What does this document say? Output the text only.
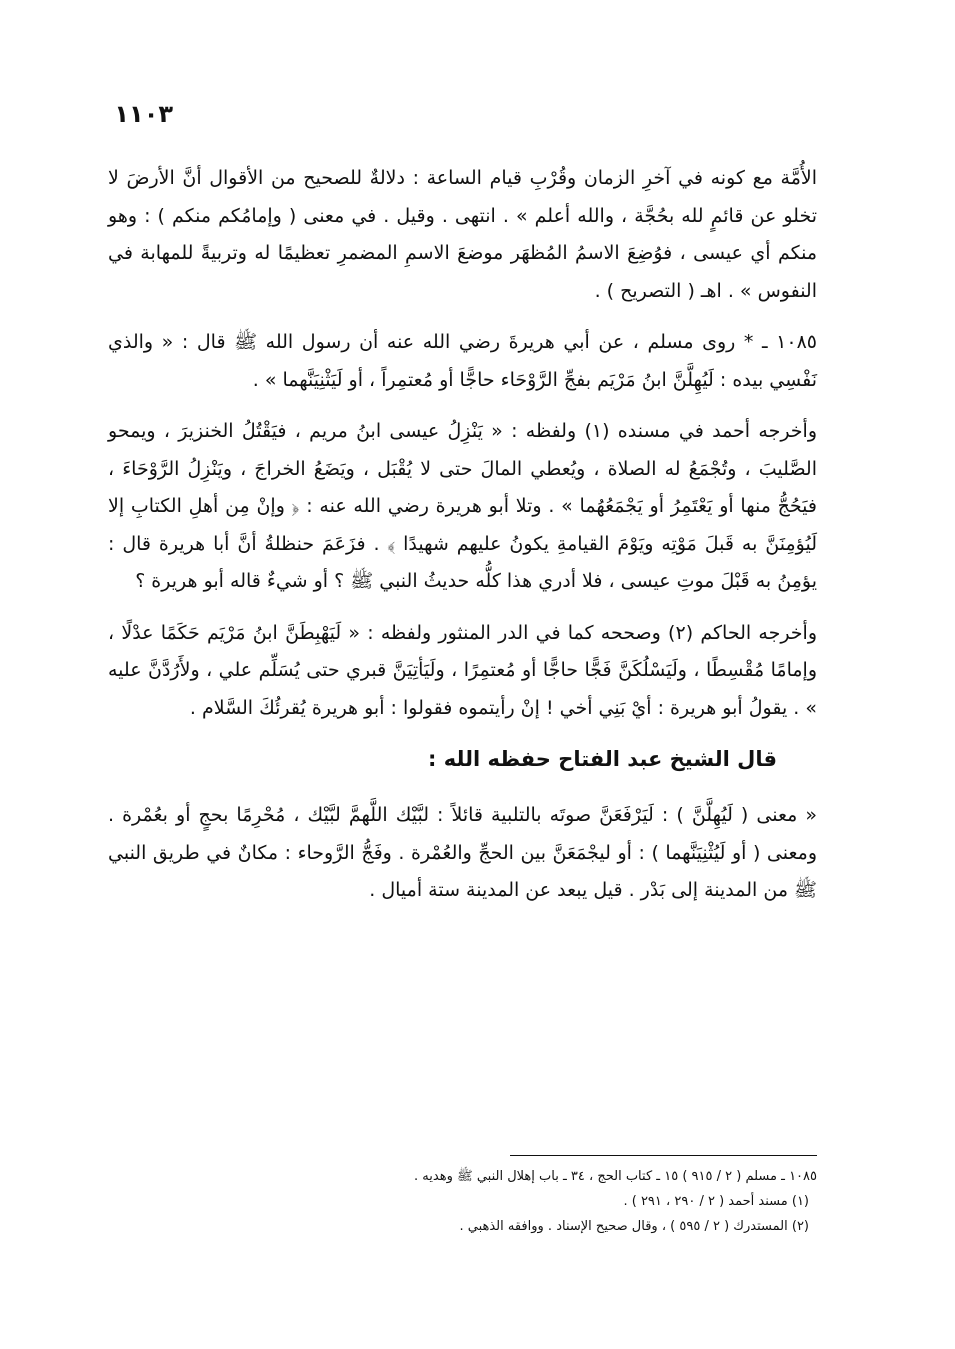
١١٠٣

الأُمَّة مع كونه في آخرِ الزمان وقُرْبِ قيام الساعة : دلالةٌ للصحيح من الأقوال أنَّ الأرضَ لا تخلو عن قائمٍ لله بحُجَّة ، والله أعلم » . انتهى . وقيل . في معنى ( وإمامُكم منكم ) : وهو منكم أي عيسى ، فوُضِعَ الاسمُ المُظهَر موضعَ الاسمِ المضمرِ تعظيمًا له وتربيةً للمهابة في النفوس » . اهـ ( التصريح ) .

١٠٨٥ ـ * روى مسلم ، عن أبي هريرةَ رضي الله عنه أن رسول الله ﷺ قال : « والذي نَفْسِي بيده : لَيُهِلَّنَّ ابنُ مَرْيَم بفجِّ الرَّوْحَاء حاجًّا أو مُعتمِراً ، أو لَيَثْنِيَنَّهما » .

وأخرجه أحمد في مسنده (١) ولفظه : « يَنْزِلُ عيسى ابنُ مريم ، فيَقْتُلُ الخنزيرَ ، ويمحو الصَّليبَ ، وتُجْمَعُ له الصلاة ، ويُعطي المالَ حتى لا يُقْبَل ، ويَضَعُ الخراجَ ، ويَنْزِلُ الرَّوْحَاءَ ، فيَحُجُّ منها أو يَعْتَمِرُ أو يَجْمَعُهُما » . وتلا أبو هريرة رضي الله عنه : ﴿ وإنْ مِن أهلِ الكتابِ إلا لَيُؤمِنَنَّ به قَبلَ مَوْتِه ويَوْمَ القيامةِ يكونُ عليهم شهيدًا ﴾ . فزَعَمَ حنظلةُ أنَّ أبا هريرة قال : يؤمِنُ به قَبْلَ موتِ عيسى ، فلا أدري هذا كلُّه حديثُ النبي ﷺ ؟ أو شيءٌ قاله أبو هريرة ؟

وأخرجه الحاكم (٢) وصححه كما في الدر المنثور ولفظه : « لَيَهْبِطَنَّ ابنُ مَرْيَم حَكَمًا عدْلًا ، وإمامًا مُقْسِطًا ، ولَيَسْلُكَنَّ فَجًّا حاجًّا أو مُعتمِرًا ، ولَيَأتِيَنَّ قبري حتى يُسَلِّم علي ، ولأَرُدَّنَّ عليه » . يقولُ أبو هريرة : أيْ بَنِي أخي ! إنْ رأيتموه فقولوا : أبو هريرة يُقرئُكَ السَّلام .

قال الشيخ عبد الفتاح حفظه الله :

« معنى ( لَيُهِلَّنَّ ) : لَيَرْفَعَنَّ صوتَه بالتلبية قائلاً : لبَّيْك اللَّهمَّ لبَّيْك ، مُحْرِمًا بحجٍ أو بعُمْرة . ومعنى ( أو لَيُثْنِيَنَّهما ) : أو ليجْمَعَنَّ بين الحجِّ والعُمْرة . وفَجُّ الرَّوحاء : مكانٌ في طريق النبي ﷺ من المدينة إلى بَدْر . قيل يبعد عن المدينة ستة أميال .

١٠٨٥ ـ مسلم ( ٢ / ٩١٥ ) ١٥ ـ كتاب الحج ، ٣٤ ـ باب إهلال النبي ﷺ وهديه .

(١) مسند أحمد ( ٢ / ٢٩٠ ، ٢٩١ ) .

(٢) المستدرك ( ٢ / ٥٩٥ ) ، وقال صحيح الإسناد . ووافقه الذهبي .
